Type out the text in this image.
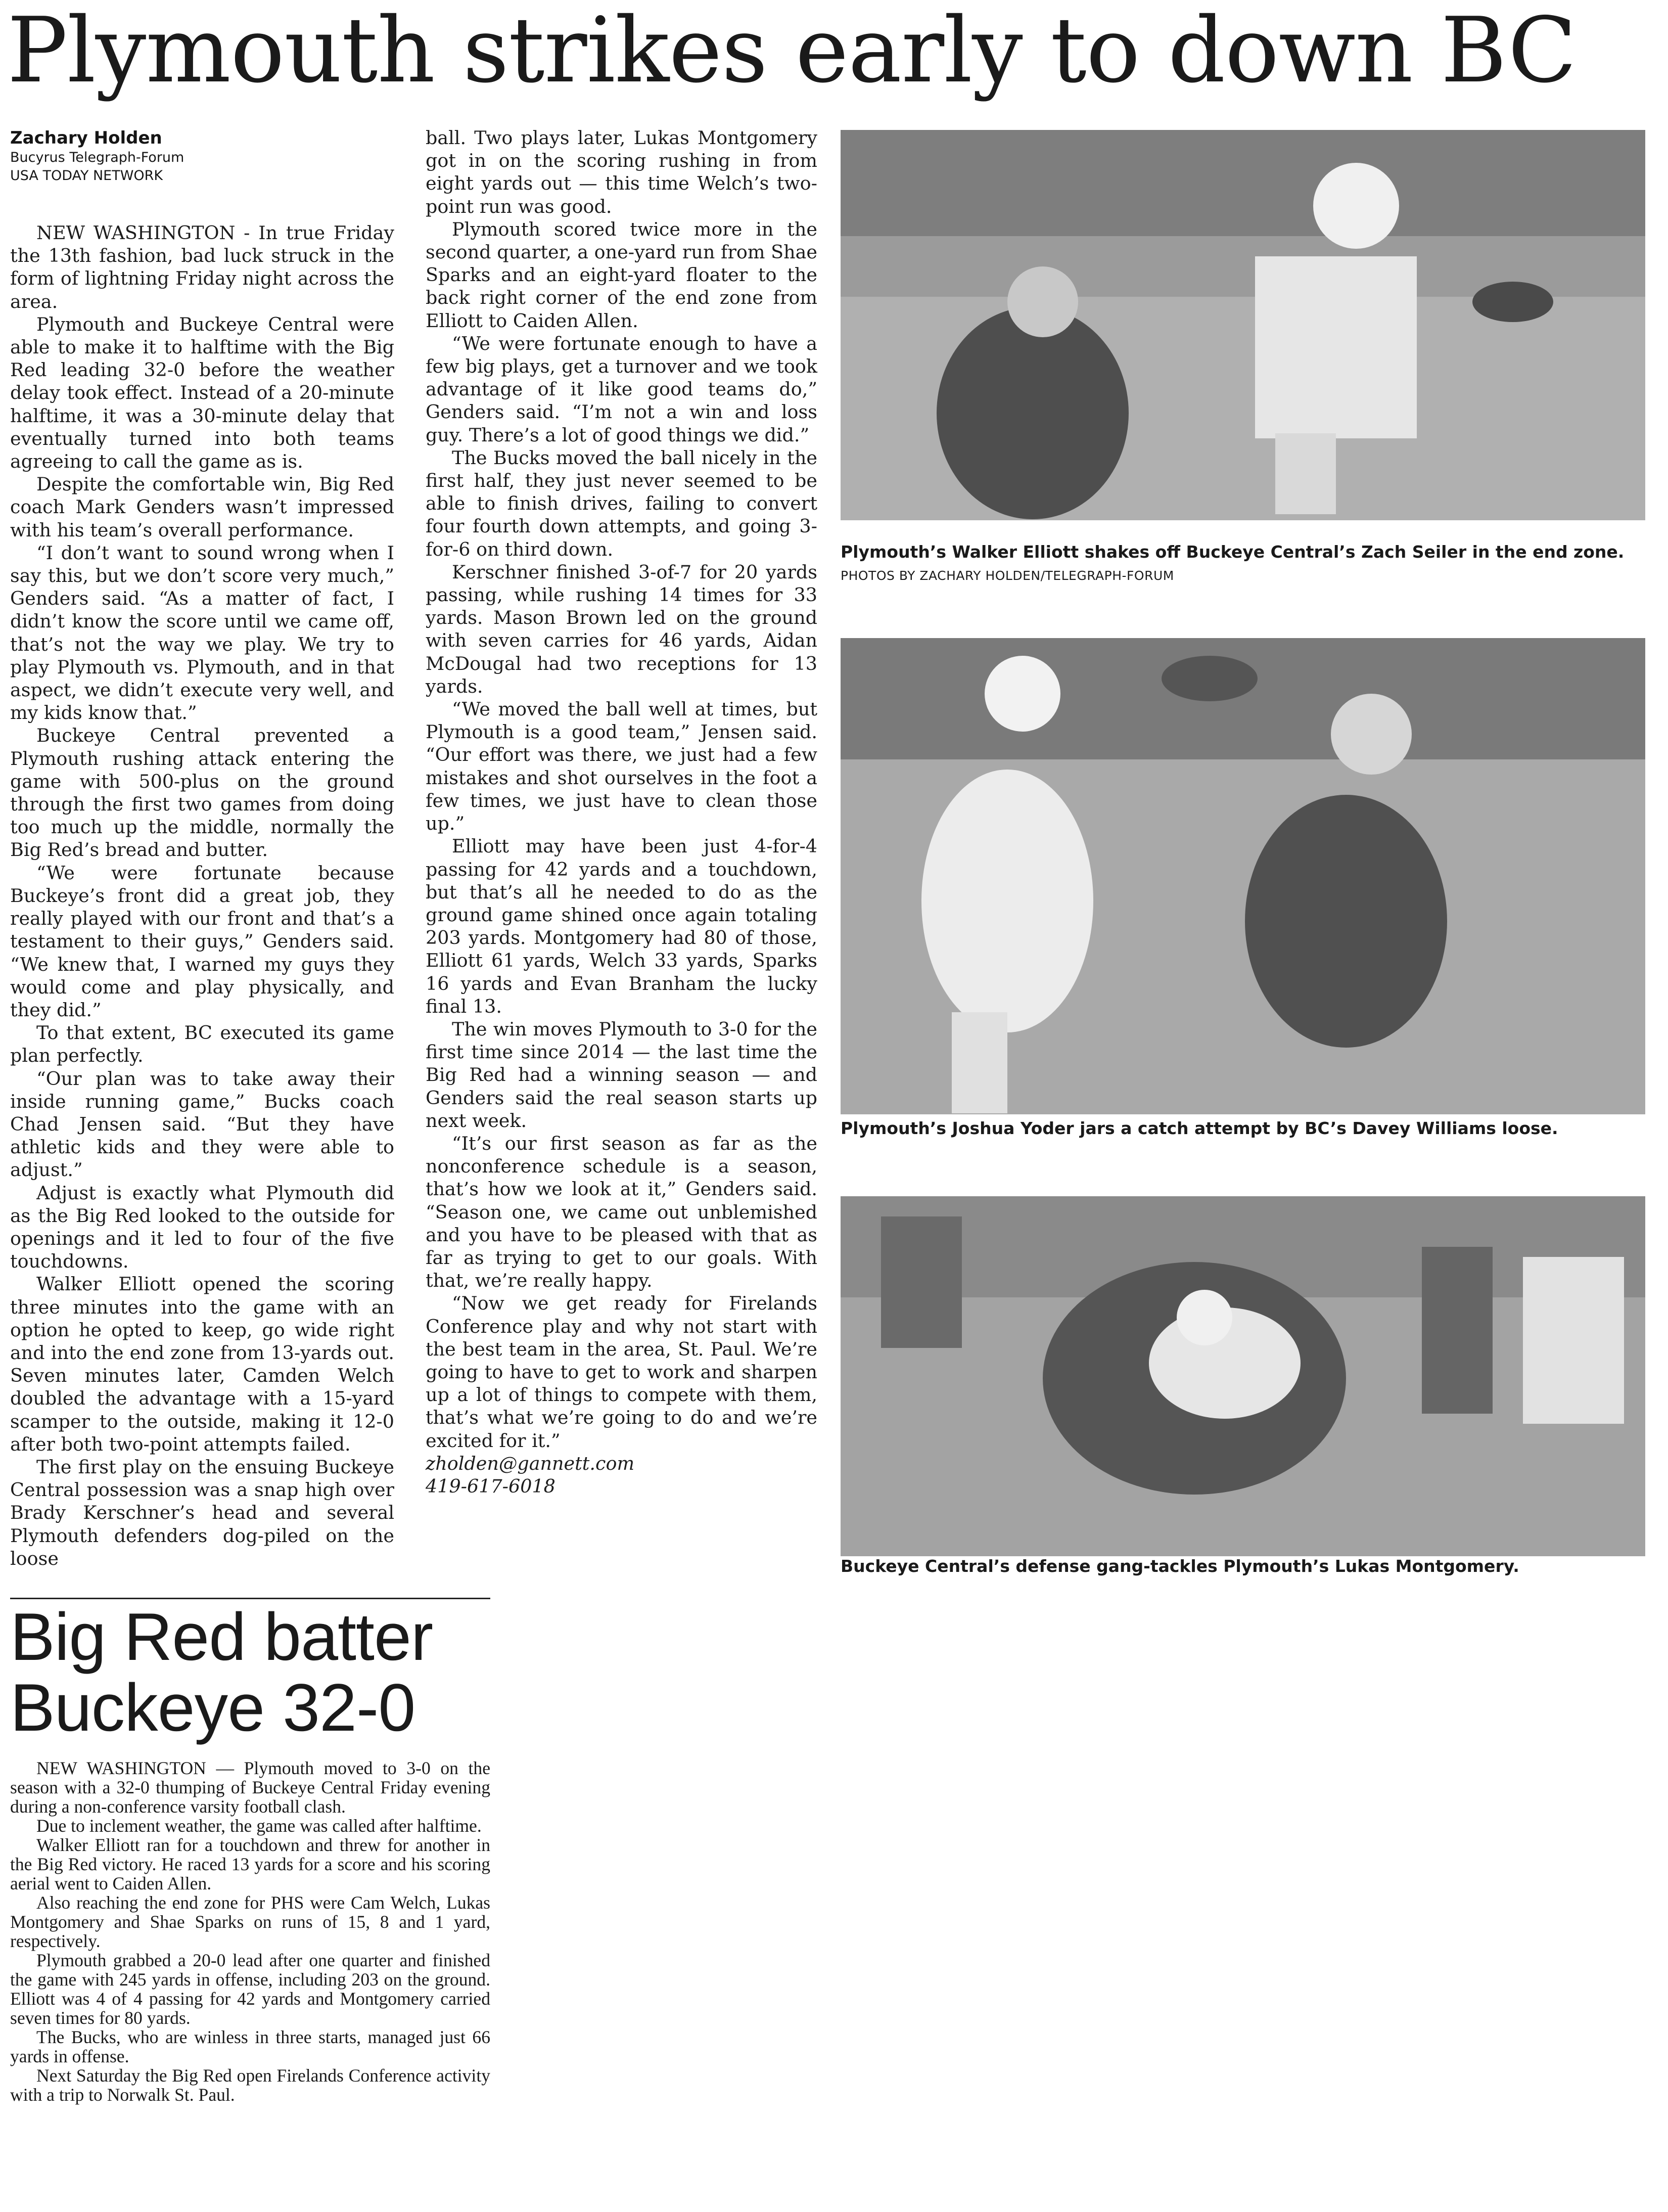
Plymouth strikes early to down BC
Zachary Holden
Bucyrus Telegraph-Forum
USA TODAY NETWORK

NEW WASHINGTON - In true Friday the 13th fashion, bad luck struck in the form of lightning Friday night across the area.

Plymouth and Buckeye Central were able to make it to halftime with the Big Red leading 32-0 before the weather delay took effect. Instead of a 20-minute halftime, it was a 30-minute delay that eventually turned into both teams agreeing to call the game as is.

Despite the comfortable win, Big Red coach Mark Genders wasn’t impressed with his team’s overall performance.

“I don’t want to sound wrong when I say this, but we don’t score very much,” Genders said. “As a matter of fact, I didn’t know the score until we came off, that’s not the way we play. We try to play Plymouth vs. Plymouth, and in that aspect, we didn’t execute very well, and my kids know that.”

Buckeye Central prevented a Plymouth rushing attack entering the game with 500-plus on the ground through the first two games from doing too much up the middle, normally the Big Red’s bread and butter.

“We were fortunate because Buckeye’s front did a great job, they really played with our front and that’s a testament to their guys,” Genders said. “We knew that, I warned my guys they would come and play physically, and they did.”

To that extent, BC executed its game plan perfectly.

“Our plan was to take away their inside running game,” Bucks coach Chad Jensen said. “But they have athletic kids and they were able to adjust.”

Adjust is exactly what Plymouth did as the Big Red looked to the outside for openings and it led to four of the five touchdowns.

Walker Elliott opened the scoring three minutes into the game with an option he opted to keep, go wide right and into the end zone from 13-yards out. Seven minutes later, Camden Welch doubled the advantage with a 15-yard scamper to the outside, making it 12-0 after both two-point attempts failed.

The first play on the ensuing Buckeye Central possession was a snap high over Brady Kerschner’s head and several Plymouth defenders dog-piled on the loose

ball. Two plays later, Lukas Montgomery got in on the scoring rushing in from eight yards out — this time Welch’s two-point run was good.

Plymouth scored twice more in the second quarter, a one-yard run from Shae Sparks and an eight-yard floater to the back right corner of the end zone from Elliott to Caiden Allen.

“We were fortunate enough to have a few big plays, get a turnover and we took advantage of it like good teams do,” Genders said. “I’m not a win and loss guy. There’s a lot of good things we did.”

The Bucks moved the ball nicely in the first half, they just never seemed to be able to finish drives, failing to convert four fourth down attempts, and going 3-for-6 on third down.

Kerschner finished 3-of-7 for 20 yards passing, while rushing 14 times for 33 yards. Mason Brown led on the ground with seven carries for 46 yards, Aidan McDougal had two receptions for 13 yards.

“We moved the ball well at times, but Plymouth is a good team,” Jensen said. “Our effort was there, we just had a few mistakes and shot ourselves in the foot a few times, we just have to clean those up.”

Elliott may have been just 4-for-4 passing for 42 yards and a touchdown, but that’s all he needed to do as the ground game shined once again totaling 203 yards. Montgomery had 80 of those, Elliott 61 yards, Welch 33 yards, Sparks 16 yards and Evan Branham the lucky final 13.

The win moves Plymouth to 3-0 for the first time since 2014 — the last time the Big Red had a winning season — and Genders said the real season starts up next week.

“It’s our first season as far as the nonconference schedule is a season, that’s how we look at it,” Genders said. “Season one, we came out unblemished and you have to be pleased with that as far as trying to get to our goals. With that, we’re really happy.

“Now we get ready for Firelands Conference play and why not start with the best team in the area, St. Paul. We’re going to have to get to work and sharpen up a lot of things to compete with them, that’s what we’re going to do and we’re excited for it.”

zholden@gannett.com

419-617-6018

Plymouth’s Walker Elliott shakes off Buckeye Central’s Zach Seiler in the end zone. PHOTOS BY ZACHARY HOLDEN/TELEGRAPH-FORUM
Plymouth’s Joshua Yoder jars a catch attempt by BC’s Davey Williams loose.
Buckeye Central’s defense gang-tackles Plymouth’s Lukas Montgomery.
Big Red batter
Buckeye 32-0

NEW WASHINGTON — Plymouth moved to 3-0 on the season with a 32-0 thumping of Buckeye Central Friday evening during a non-conference varsity football clash.

Due to inclement weather, the game was called after halftime.

Walker Elliott ran for a touchdown and threw for another in the Big Red victory. He raced 13 yards for a score and his scoring aerial went to Caiden Allen.

Also reaching the end zone for PHS were Cam Welch, Lukas Montgomery and Shae Sparks on runs of 15, 8 and 1 yard, respectively.

Plymouth grabbed a 20-0 lead after one quarter and finished the game with 245 yards in offense, including 203 on the ground. Elliott was 4 of 4 passing for 42 yards and Montgomery carried seven times for 80 yards.

The Bucks, who are winless in three starts, managed just 66 yards in offense.

Next Saturday the Big Red open Firelands Conference activity with a trip to Norwalk St. Paul.
